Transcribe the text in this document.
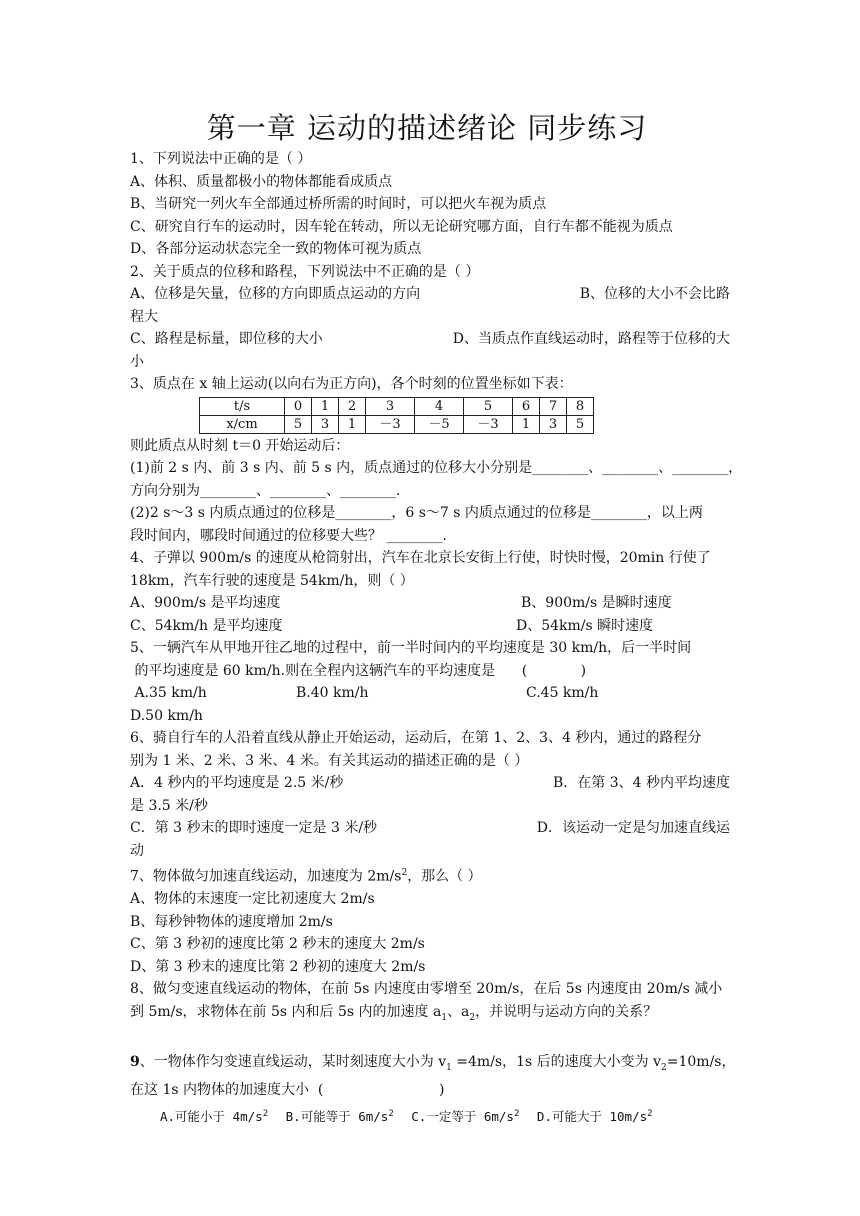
第一章 运动的描述绪论 同步练习
1、下列说法中正确的是（ ）
A、体积、质量都极小的物体都能看成质点
B、当研究一列火车全部通过桥所需的时间时，可以把火车视为质点
C、研究自行车的运动时，因车轮在转动，所以无论研究哪方面，自行车都不能视为质点
D、各部分运动状态完全一致的物体可视为质点
2、关于质点的位移和路程，下列说法中不正确的是（ ）
A、位移是矢量，位移的方向即质点运动的方向	B、位移的大小不会比路
程大
C、路程是标量，即位移的大小	D、当质点作直线运动时，路程等于位移的大
小
3、质点在 x 轴上运动(以向右为正方向)，各个时刻的位置坐标如下表：
t/s	0	1	2	3	4	5	6	7	8
x/cm	5	3	1	－3	－5	－3	1	3	5
则此质点从时刻 t＝0 开始运动后：
(1)前 2 s 内、前 3 s 内、前 5 s 内，质点通过的位移大小分别是________、________、________，
方向分别为________、________、________.
(2)2 s～3 s 内质点通过的位移是________，6 s～7 s 内质点通过的位移是________，以上两
段时间内，哪段时间通过的位移要大些？ ________.
4、子弹以 900m/s 的速度从枪筒射出，汽车在北京长安街上行使，时快时慢，20min 行使了
18km，汽车行驶的速度是 54km/h，则（ ）
A、900m/s 是平均速度	B、900m/s 是瞬时速度
C、54km/h 是平均速度	D、54km/s 瞬时速度
5、一辆汽车从甲地开往乙地的过程中，前一半时间内的平均速度是 30 km/h，后一半时间
的平均速度是 60 km/h.则在全程内这辆汽车的平均速度是      (            )
A.35 km/h	B.40 km/h	C.45 km/h
D.50 km/h
6、骑自行车的人沿着直线从静止开始运动，运动后，在第 1、2、3、4 秒内，通过的路程分
别为 1 米、2 米、3 米、4 米。有关其运动的描述正确的是（ ）
A．4 秒内的平均速度是 2.5 米/秒	B．在第 3、4 秒内平均速度
是 3.5 米/秒
C．第 3 秒末的即时速度一定是 3 米/秒	D．该运动一定是匀加速直线运
动
7、物体做匀加速直线运动，加速度为 $2m/s^2$，那么（ ）
A、物体的末速度一定比初速度大 2m/s
B、每秒钟物体的速度增加 2m/s
C、第 3 秒初的速度比第 2 秒末的速度大 2m/s
D、第 3 秒末的速度比第 2 秒初的速度大 2m/s
8、做匀变速直线运动的物体，在前 5s 内速度由零增至 20m/s，在后 5s 内速度由 20m/s 减小
到 5m/s，求物体在前 5s 内和后 5s 内的加速度 $a_1$、$a_2$，并说明与运动方向的关系？
9、一物体作匀变速直线运动，某时刻速度大小为 $v_1 =4m/s$，1s 后的速度大小变为 $v_2=10m/s$，
在这 1s 内物体的加速度大小  (                          )
A.可能小于 $4m/s^2$ B.可能等于 $6m/s^2$ C.一定等于 $6m/s^2$ D.可能大于 $10m/s^2$
